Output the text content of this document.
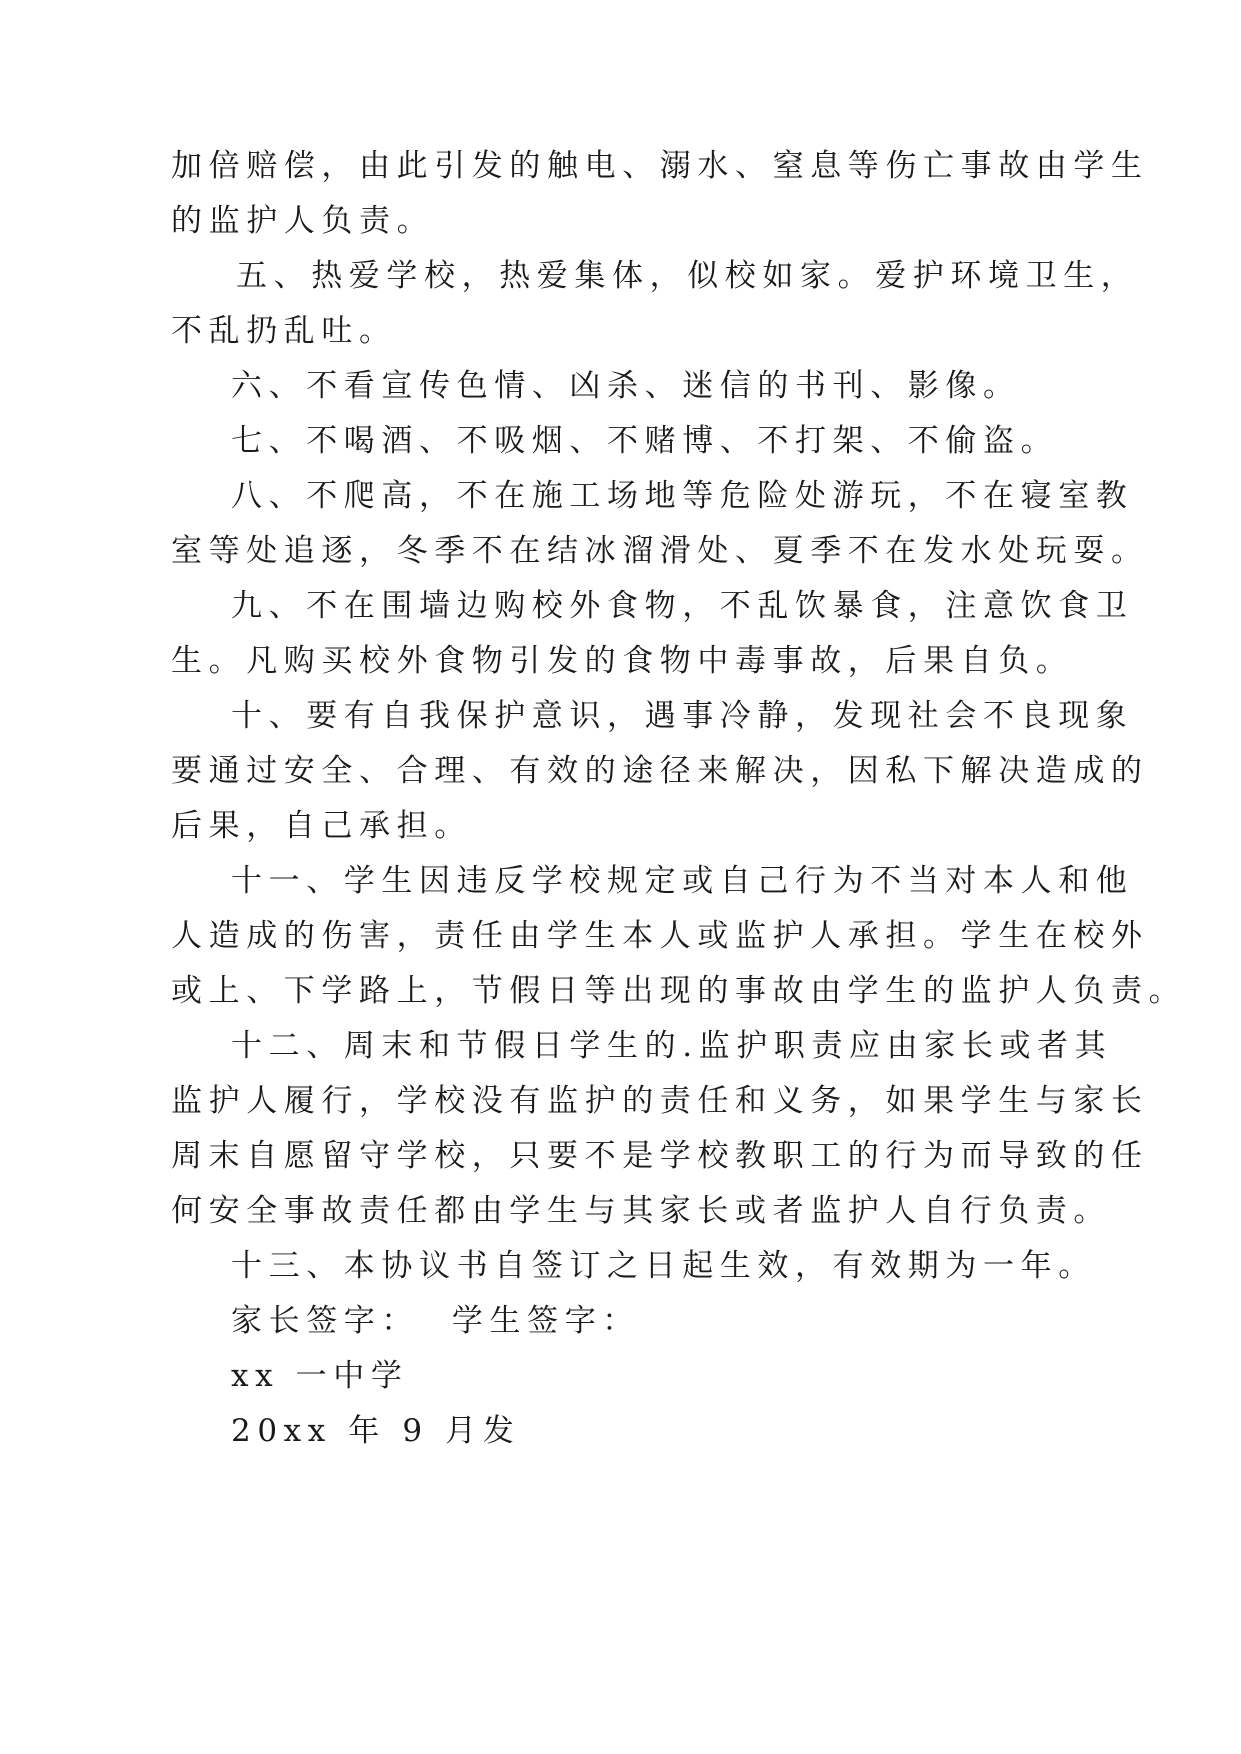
加倍赔偿，由此引发的触电、溺水、窒息等伤亡事故由学生
的监护人负责。
五、热爱学校，热爱集体，似校如家。爱护环境卫生，
不乱扔乱吐。
六、不看宣传色情、凶杀、迷信的书刊、影像。
七、不喝酒、不吸烟、不赌博、不打架、不偷盗。
八、不爬高，不在施工场地等危险处游玩，不在寝室教
室等处追逐，冬季不在结冰溜滑处、夏季不在发水处玩耍。
九、不在围墙边购校外食物，不乱饮暴食，注意饮食卫
生。凡购买校外食物引发的食物中毒事故，后果自负。
十、要有自我保护意识，遇事冷静，发现社会不良现象
要通过安全、合理、有效的途径来解决，因私下解决造成的
后果，自己承担。
十一、学生因违反学校规定或自己行为不当对本人和他
人造成的伤害，责任由学生本人或监护人承担。学生在校外
或上、下学路上，节假日等出现的事故由学生的监护人负责。
十二、周末和节假日学生的.监护职责应由家长或者其
监护人履行，学校没有监护的责任和义务，如果学生与家长
周末自愿留守学校，只要不是学校教职工的行为而导致的任
何安全事故责任都由学生与其家长或者监护人自行负责。
十三、本协议书自签订之日起生效，有效期为一年。
家长签字：  学生签字：
xx 一中学
20xx 年 9 月发
